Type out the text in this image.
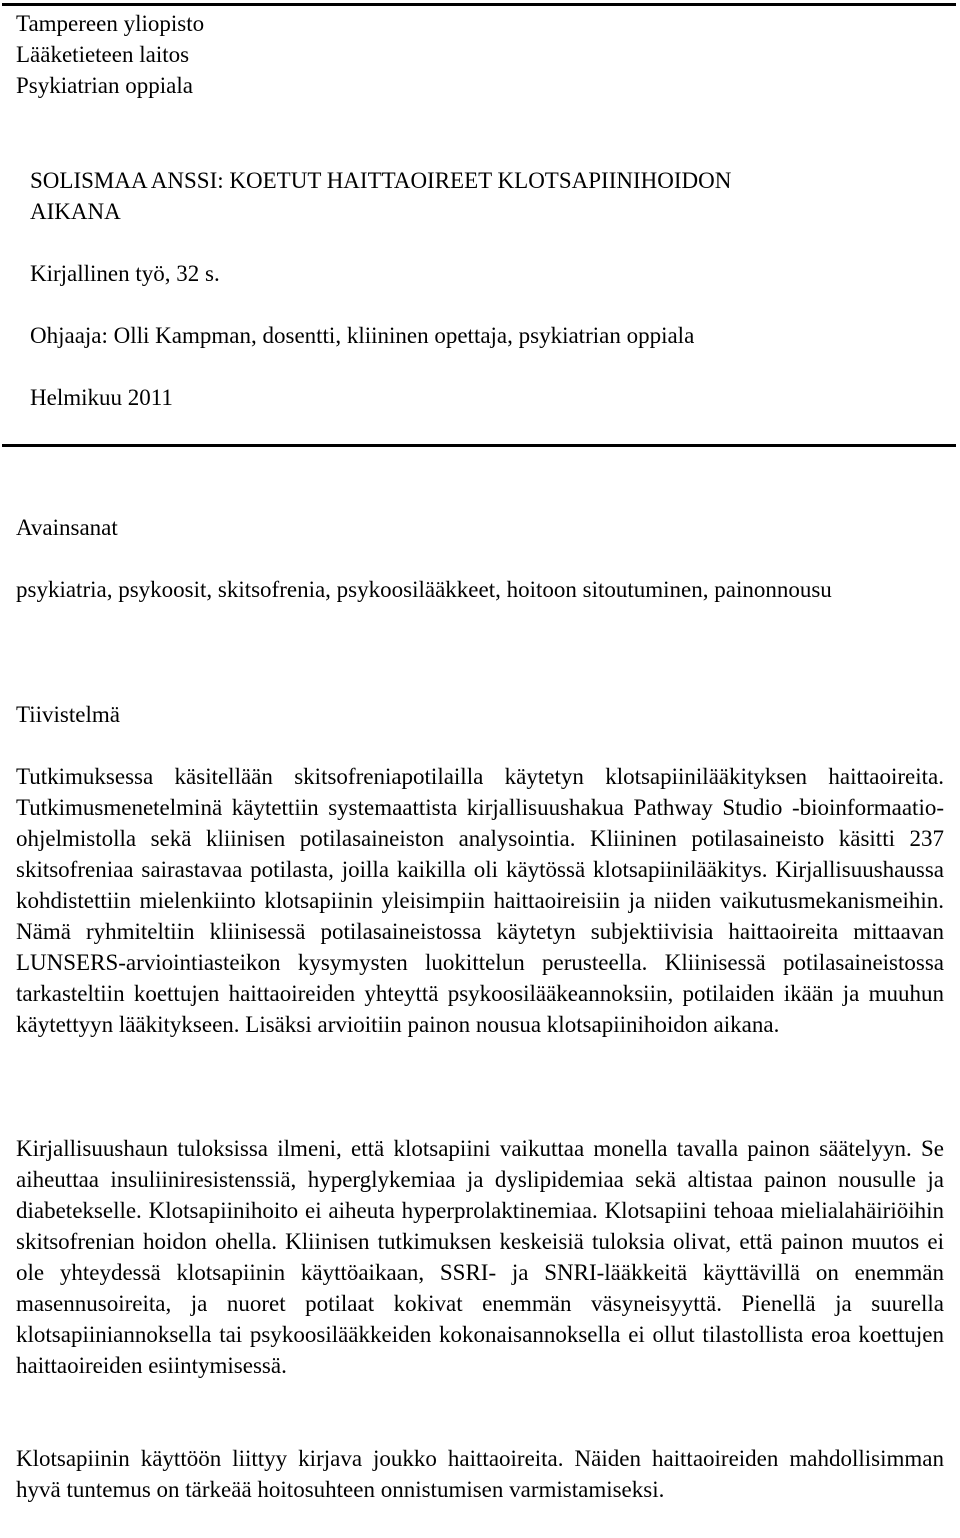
Tampereen yliopisto
Lääketieteen laitos
Psykiatrian oppiala
SOLISMAA ANSSI: KOETUT HAITTAOIREET KLOTSAPIINIHOIDON
AIKANA
Kirjallinen työ, 32 s.
Ohjaaja: Olli Kampman, dosentti, kliininen opettaja, psykiatrian oppiala
Helmikuu 2011
Avainsanat
psykiatria, psykoosit, skitsofrenia, psykoosilääkkeet, hoitoon sitoutuminen, painonnousu
Tiivistelmä

Tutkimuksessa käsitellään skitsofreniapotilailla käytetyn klotsapiinilääkityksen haittaoireita. Tutkimusmenetelminä käytettiin systemaattista kirjallisuushakua Pathway Studio -bioinformaatio-ohjelmistolla sekä kliinisen potilasaineiston analysointia. Kliininen potilasaineisto käsitti 237 skitsofreniaa sairastavaa potilasta, joilla kaikilla oli käytössä klotsapiinilääkitys. Kirjallisuushaussa kohdistettiin mielenkiinto klotsapiinin yleisimpiin haittaoireisiin ja niiden vaikutusmekanismeihin. Nämä ryhmiteltiin kliinisessä potilasaineistossa käytetyn subjektiivisia haittaoireita mittaavan LUNSERS-arviointiasteikon kysymysten luokittelun perusteella. Kliinisessä potilasaineistossa tarkasteltiin koettujen haittaoireiden yhteyttä psykoosilääkeannoksiin, potilaiden ikään ja muuhun käytettyyn lääkitykseen. Lisäksi arvioitiin painon nousua klotsapiinihoidon aikana.

Kirjallisuushaun tuloksissa ilmeni, että klotsapiini vaikuttaa monella tavalla painon säätelyyn. Se aiheuttaa insuliiniresistenssiä, hyperglykemiaa ja dyslipidemiaa sekä altistaa painon nousulle ja diabetekselle. Klotsapiinihoito ei aiheuta hyperprolaktinemiaa. Klotsapiini tehoaa mielialahäiriöihin skitsofrenian hoidon ohella. Kliinisen tutkimuksen keskeisiä tuloksia olivat, että painon muutos ei ole yhteydessä klotsapiinin käyttöaikaan, SSRI- ja SNRI-lääkkeitä käyttävillä on enemmän masennusoireita, ja nuoret potilaat kokivat enemmän väsyneisyyttä. Pienellä ja suurella klotsapiiniannoksella tai psykoosilääkkeiden kokonaisannoksella ei ollut tilastollista eroa koettujen haittaoireiden esiintymisessä.

Klotsapiinin käyttöön liittyy kirjava joukko haittaoireita. Näiden haittaoireiden mahdollisimman hyvä tuntemus on tärkeää hoitosuhteen onnistumisen varmistamiseksi.
